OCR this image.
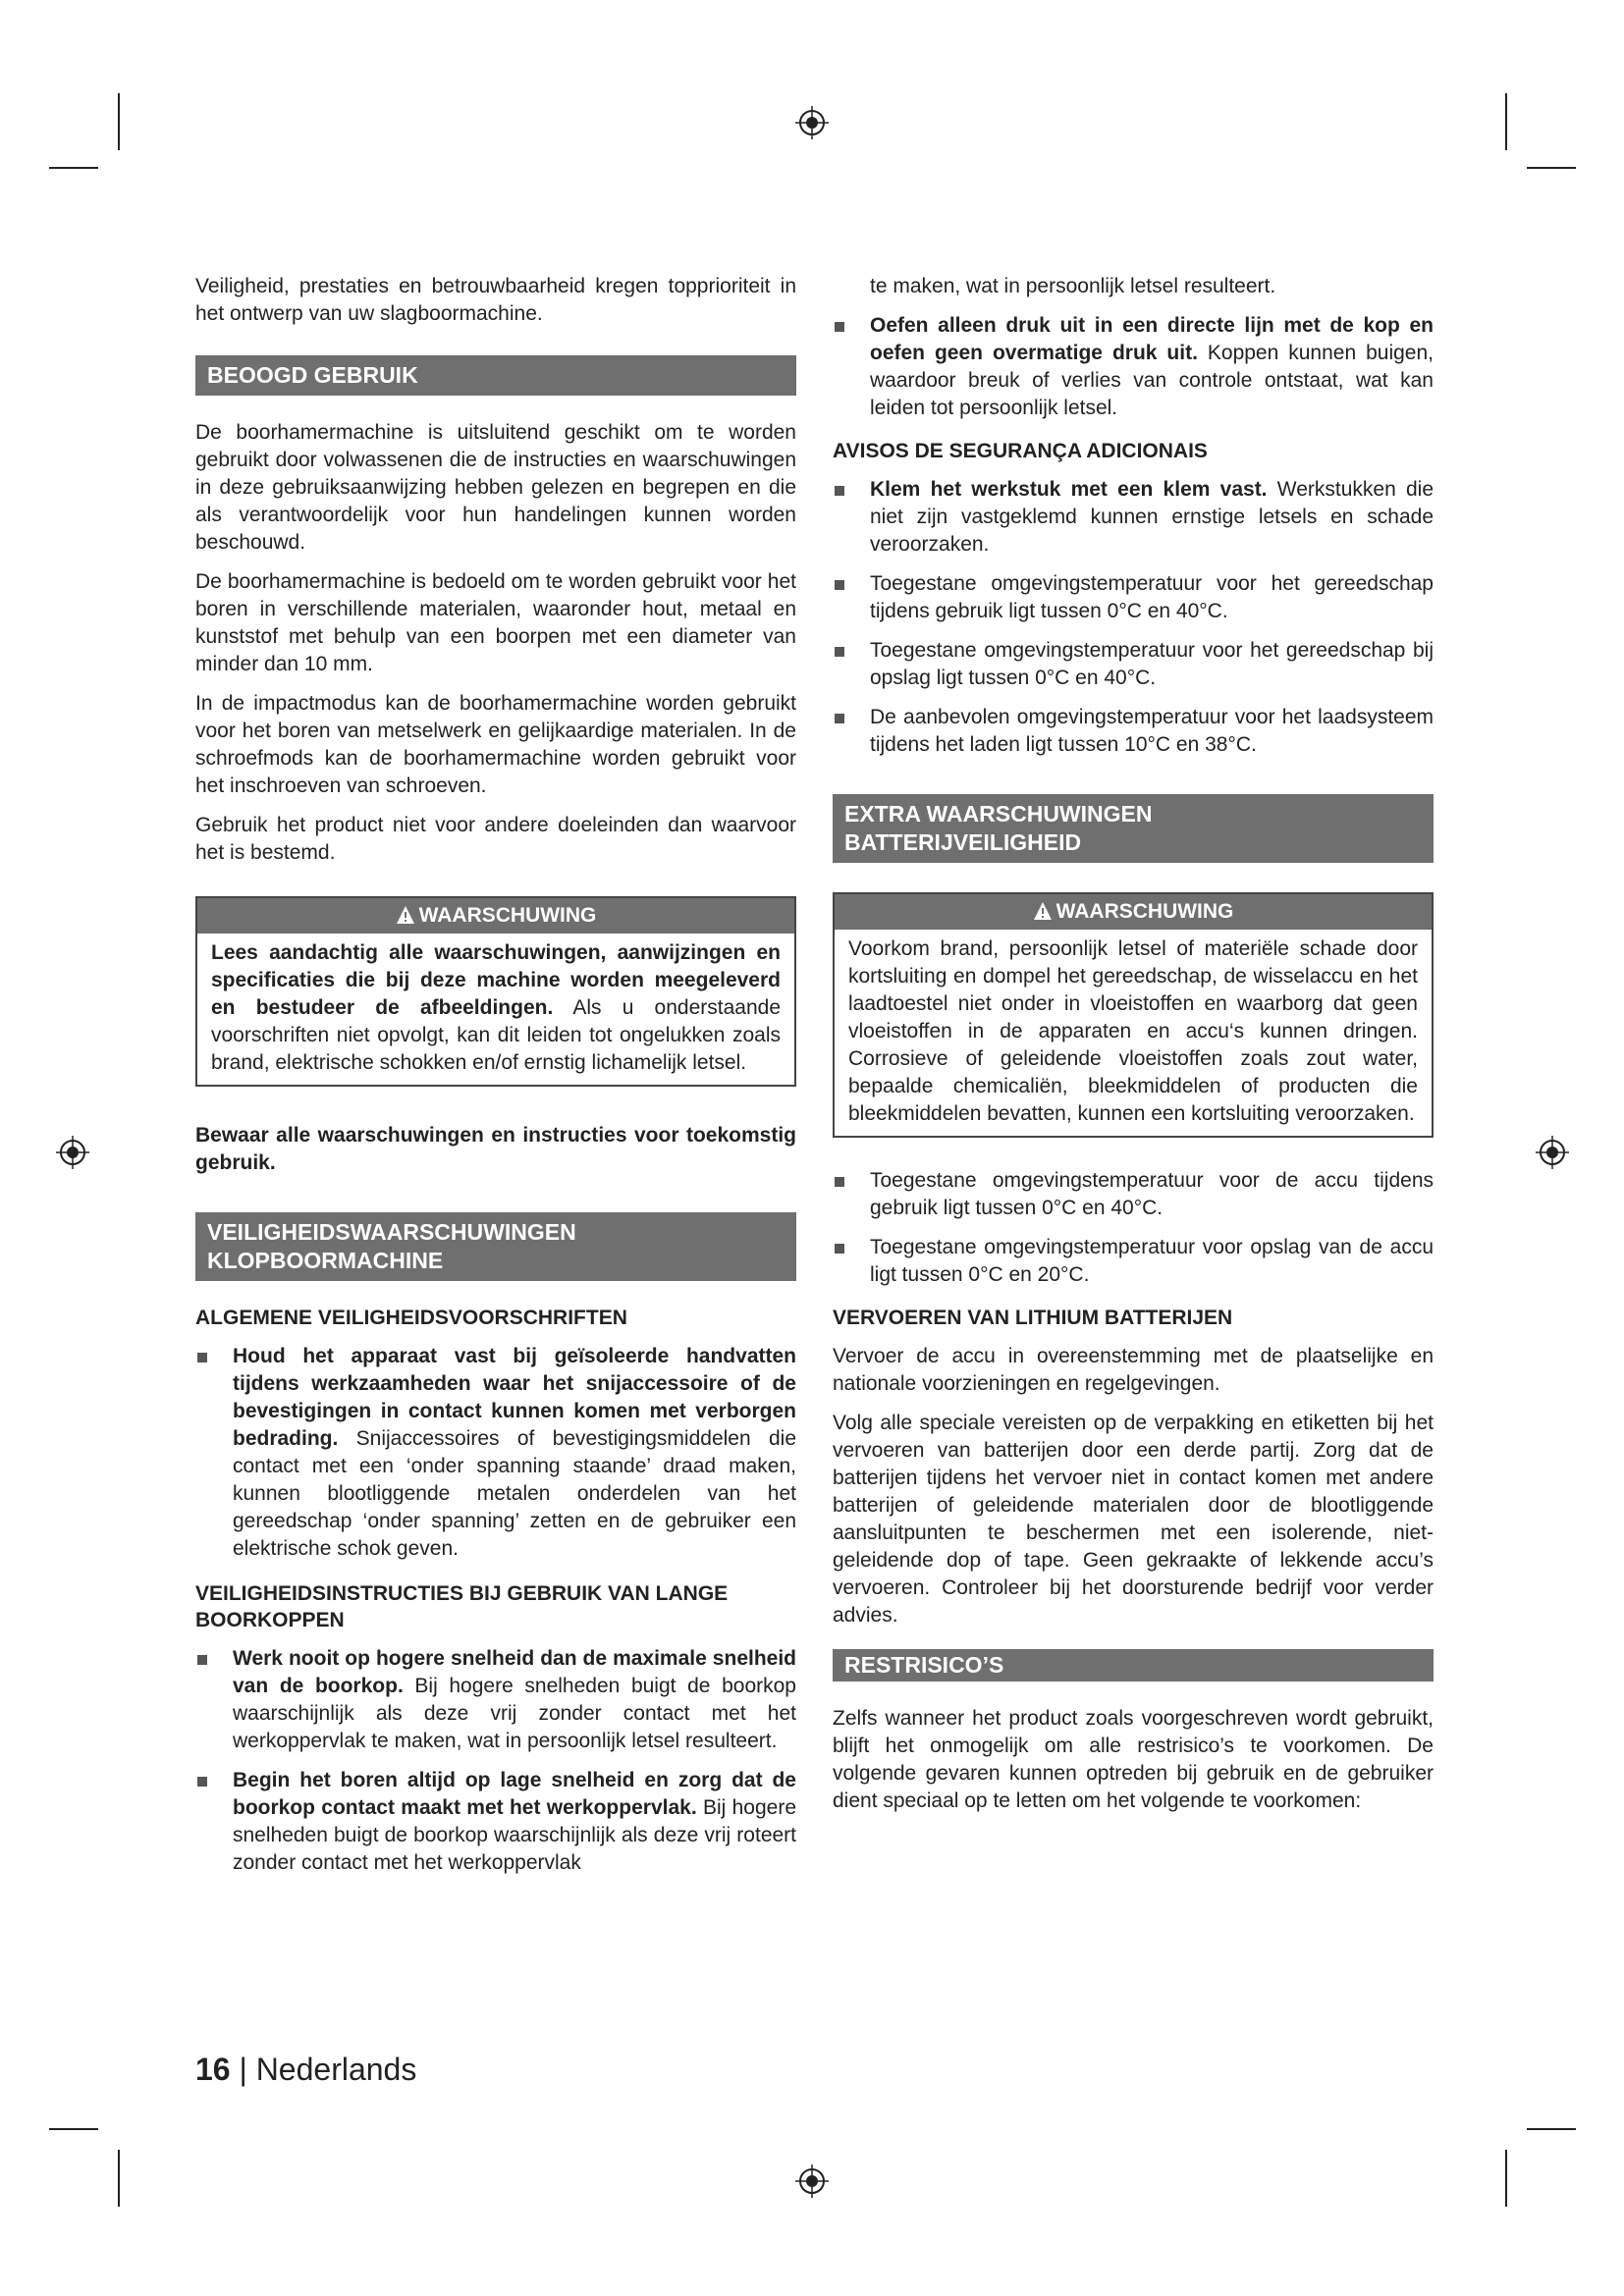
Veiligheid, prestaties en betrouwbaarheid kregen topprioriteit in het ontwerp van uw slagboormachine.

BEOOGD GEBRUIK

De boorhamermachine is uitsluitend geschikt om te worden gebruikt door volwassenen die de instructies en waarschuwingen in deze gebruiksaanwijzing hebben gelezen en begrepen en die als verantwoordelijk voor hun handelingen kunnen worden beschouwd.

De boorhamermachine is bedoeld om te worden gebruikt voor het boren in verschillende materialen, waaronder hout, metaal en kunststof met behulp van een boorpen met een diameter van minder dan 10 mm.

In de impactmodus kan de boorhamermachine worden gebruikt voor het boren van metselwerk en gelijkaardige materialen. In de schroefmods kan de boorhamermachine worden gebruikt voor het inschroeven van schroeven.

Gebruik het product niet voor andere doeleinden dan waarvoor het is bestemd.

WAARSCHUWING

Lees aandachtig alle waarschuwingen, aanwijzingen en specificaties die bij deze machine worden meegeleverd en bestudeer de afbeeldingen. Als u onderstaande voorschriften niet opvolgt, kan dit leiden tot ongelukken zoals brand, elektrische schokken en/of ernstig lichamelijk letsel.

Bewaar alle waarschuwingen en instructies voor toekomstig gebruik.

VEILIGHEIDSWAARSCHUWINGEN
KLOPBOORMACHINE
ALGEMENE VEILIGHEIDSVOORSCHRIFTEN
Houd het apparaat vast bij geïsoleerde handvatten tijdens werkzaamheden waar het snijaccessoire of de bevestigingen in contact kunnen komen met verborgen bedrading. Snijaccessoires of bevestigingsmiddelen die contact met een ‘onder spanning staande’ draad maken, kunnen blootliggende metalen onderdelen van het gereedschap ‘onder spanning’ zetten en de gebruiker een elektrische schok geven.
VEILIGHEIDSINSTRUCTIES BIJ GEBRUIK VAN LANGE BOORKOPPEN
Werk nooit op hogere snelheid dan de maximale snelheid van de boorkop. Bij hogere snelheden buigt de boorkop waarschijnlijk als deze vrij zonder contact met het werkoppervlak te maken, wat in persoonlijk letsel resulteert.
Begin het boren altijd op lage snelheid en zorg dat de boorkop contact maakt met het werkoppervlak. Bij hogere snelheden buigt de boorkop waarschijnlijk als deze vrij roteert zonder contact met het werkoppervlak

te maken, wat in persoonlijk letsel resulteert.

Oefen alleen druk uit in een directe lijn met de kop en oefen geen overmatige druk uit. Koppen kunnen buigen, waardoor breuk of verlies van controle ontstaat, wat kan leiden tot persoonlijk letsel.
AVISOS DE SEGURANÇA ADICIONAIS
Klem het werkstuk met een klem vast. Werkstukken die niet zijn vastgeklemd kunnen ernstige letsels en schade veroorzaken.
Toegestane omgevingstemperatuur voor het gereedschap tijdens gebruik ligt tussen 0°C en 40°C.
Toegestane omgevingstemperatuur voor het gereedschap bij opslag ligt tussen 0°C en 40°C.
De aanbevolen omgevingstemperatuur voor het laadsysteem tijdens het laden ligt tussen 10°C en 38°C.
EXTRA WAARSCHUWINGEN
BATTERIJVEILIGHEID
WAARSCHUWING

Voorkom brand, persoonlijk letsel of materiële schade door kortsluiting en dompel het gereedschap, de wisselaccu en het laadtoestel niet onder in vloeistoffen en waarborg dat geen vloeistoffen in de apparaten en accu‘s kunnen dringen. Corrosieve of geleidende vloeistoffen zoals zout water, bepaalde chemicaliën, bleekmiddelen of producten die bleekmiddelen bevatten, kunnen een kortsluiting veroorzaken.

Toegestane omgevingstemperatuur voor de accu tijdens gebruik ligt tussen 0°C en 40°C.
Toegestane omgevingstemperatuur voor opslag van de accu ligt tussen 0°C en 20°C.
VERVOEREN VAN LITHIUM BATTERIJEN

Vervoer de accu in overeenstemming met de plaatselijke en nationale voorzieningen en regelgevingen.

Volg alle speciale vereisten op de verpakking en etiketten bij het vervoeren van batterijen door een derde partij. Zorg dat de batterijen tijdens het vervoer niet in contact komen met andere batterijen of geleidende materialen door de blootliggende aansluitpunten te beschermen met een isolerende, niet-geleidende dop of tape. Geen gekraakte of lekkende accu’s vervoeren. Controleer bij het doorsturende bedrijf voor verder advies.

RESTRISICO’S

Zelfs wanneer het product zoals voorgeschreven wordt gebruikt, blijft het onmogelijk om alle restrisico’s te voorkomen. De volgende gevaren kunnen optreden bij gebruik en de gebruiker dient speciaal op te letten om het volgende te voorkomen:

16 | Nederlands
